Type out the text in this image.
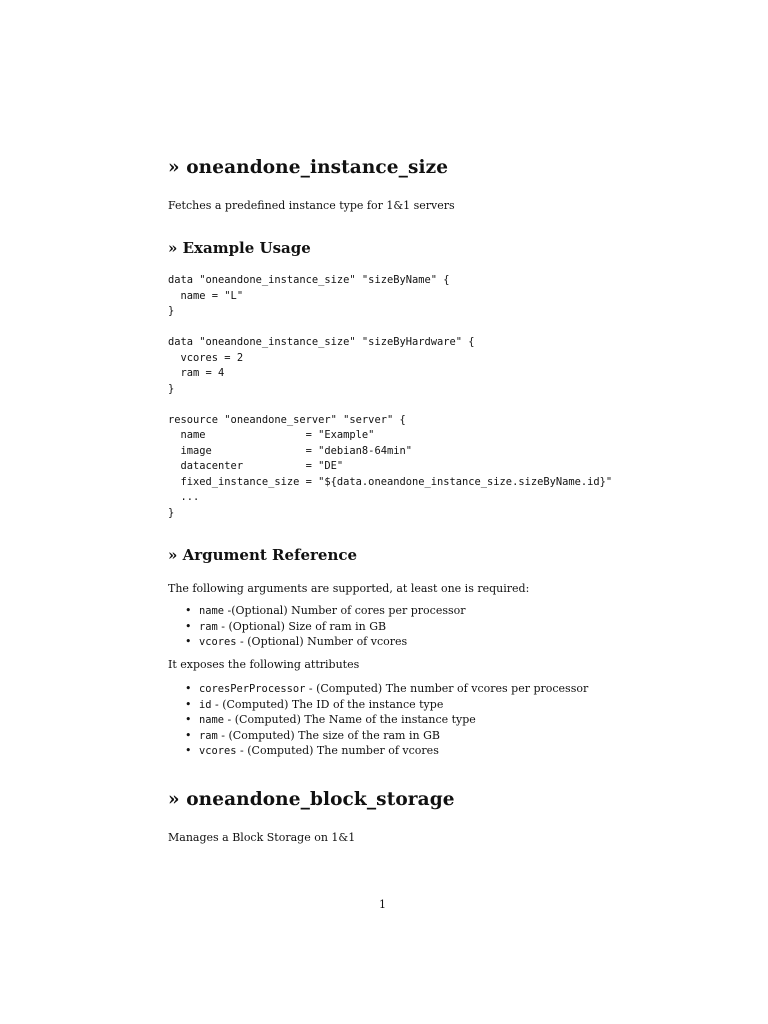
» oneandone_instance_size
Fetches a predefined instance type for 1&1 servers
» Example Usage
data "oneandone_instance_size" "sizeByName" {
name = "L"
}
data "oneandone_instance_size" "sizeByHardware" {
vcores = 2
ram = 4
}
resource "oneandone_server" "server" {
name                = "Example"
image               = "debian8-64min"
datacenter          = "DE"
fixed_instance_size = "${data.oneandone_instance_size.sizeByName.id}"
...
}
» Argument Reference
The following arguments are supported, at least one is required:
• name -(Optional) Number of cores per processor
• ram - (Optional) Size of ram in GB
• vcores - (Optional) Number of vcores
It exposes the following attributes
• coresPerProcessor - (Computed) The number of vcores per processor
• id - (Computed) The ID of the instance type
• name - (Computed) The Name of the instance type
• ram - (Computed) The size of the ram in GB
• vcores - (Computed) The number of vcores
» oneandone_block_storage
Manages a Block Storage on 1&1
1
